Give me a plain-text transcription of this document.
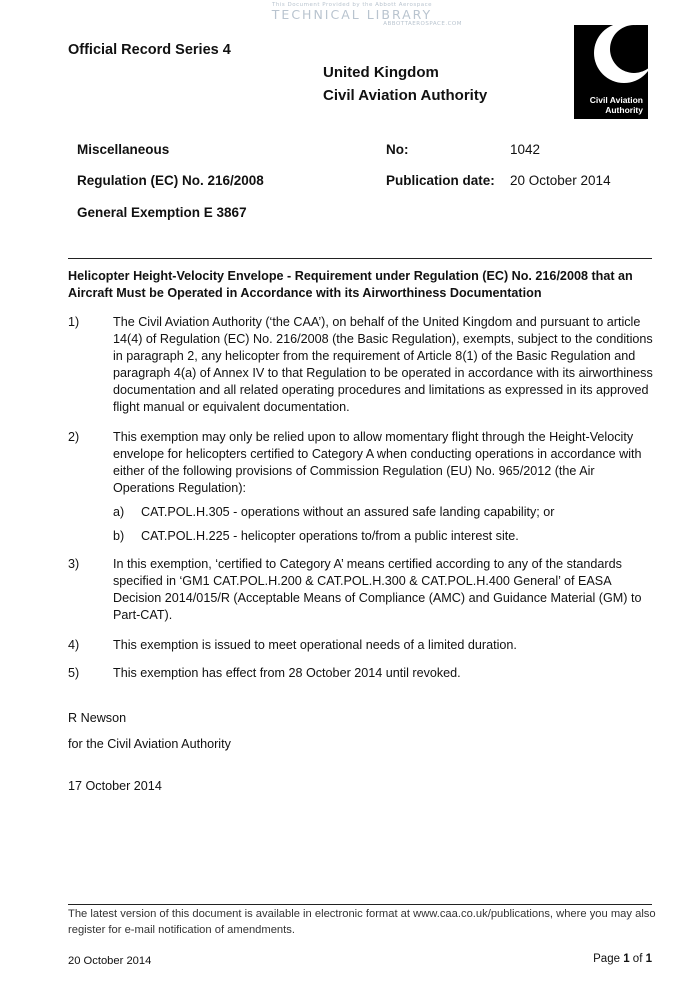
This Document Provided by the Abbott Aerospace
TECHNICAL LIBRARY
ABBOTTAEROSPACE.COM
Official Record Series 4
United Kingdom
Civil Aviation Authority	Civil Aviation
Authority
Miscellaneous	No:	1042
Regulation (EC) No. 216/2008	Publication date: 20 October 2014
General Exemption E 3867
Helicopter Height-Velocity Envelope - Requirement under Regulation (EC) No. 216/2008 that an Aircraft Must be Operated in Accordance with its Airworthiness Documentation
1)	The Civil Aviation Authority (‘the CAA’), on behalf of the United Kingdom and pursuant to article 14(4) of Regulation (EC) No. 216/2008 (the Basic Regulation), exempts, subject to the conditions in paragraph 2, any helicopter from the requirement of Article 8(1) of the Basic Regulation and paragraph 4(a) of Annex IV to that Regulation to be operated in accordance with its airworthiness documentation and all related operating procedures and limitations as expressed in its approved flight manual or equivalent documentation.
2)	This exemption may only be relied upon to allow momentary flight through the Height-Velocity envelope for helicopters certified to Category A when conducting operations in accordance with either of the following provisions of Commission Regulation (EU) No. 965/2012 (the Air Operations Regulation):
a) CAT.POL.H.305 - operations without an assured safe landing capability; or
b) CAT.POL.H.225 - helicopter operations to/from a public interest site.
3)	In this exemption, ‘certified to Category A’ means certified according to any of the standards specified in ‘GM1 CAT.POL.H.200 & CAT.POL.H.300 & CAT.POL.H.400 General’ of EASA Decision 2014/015/R (Acceptable Means of Compliance (AMC) and Guidance Material (GM) to Part-CAT).
4)	This exemption is issued to meet operational needs of a limited duration.
5)	This exemption has effect from 28 October 2014 until revoked.
R Newson
for the Civil Aviation Authority
17 October 2014
The latest version of this document is available in electronic format at www.caa.co.uk/publications, where you may also register for e-mail notification of amendments.
20 October 2014	Page 1 of 1
